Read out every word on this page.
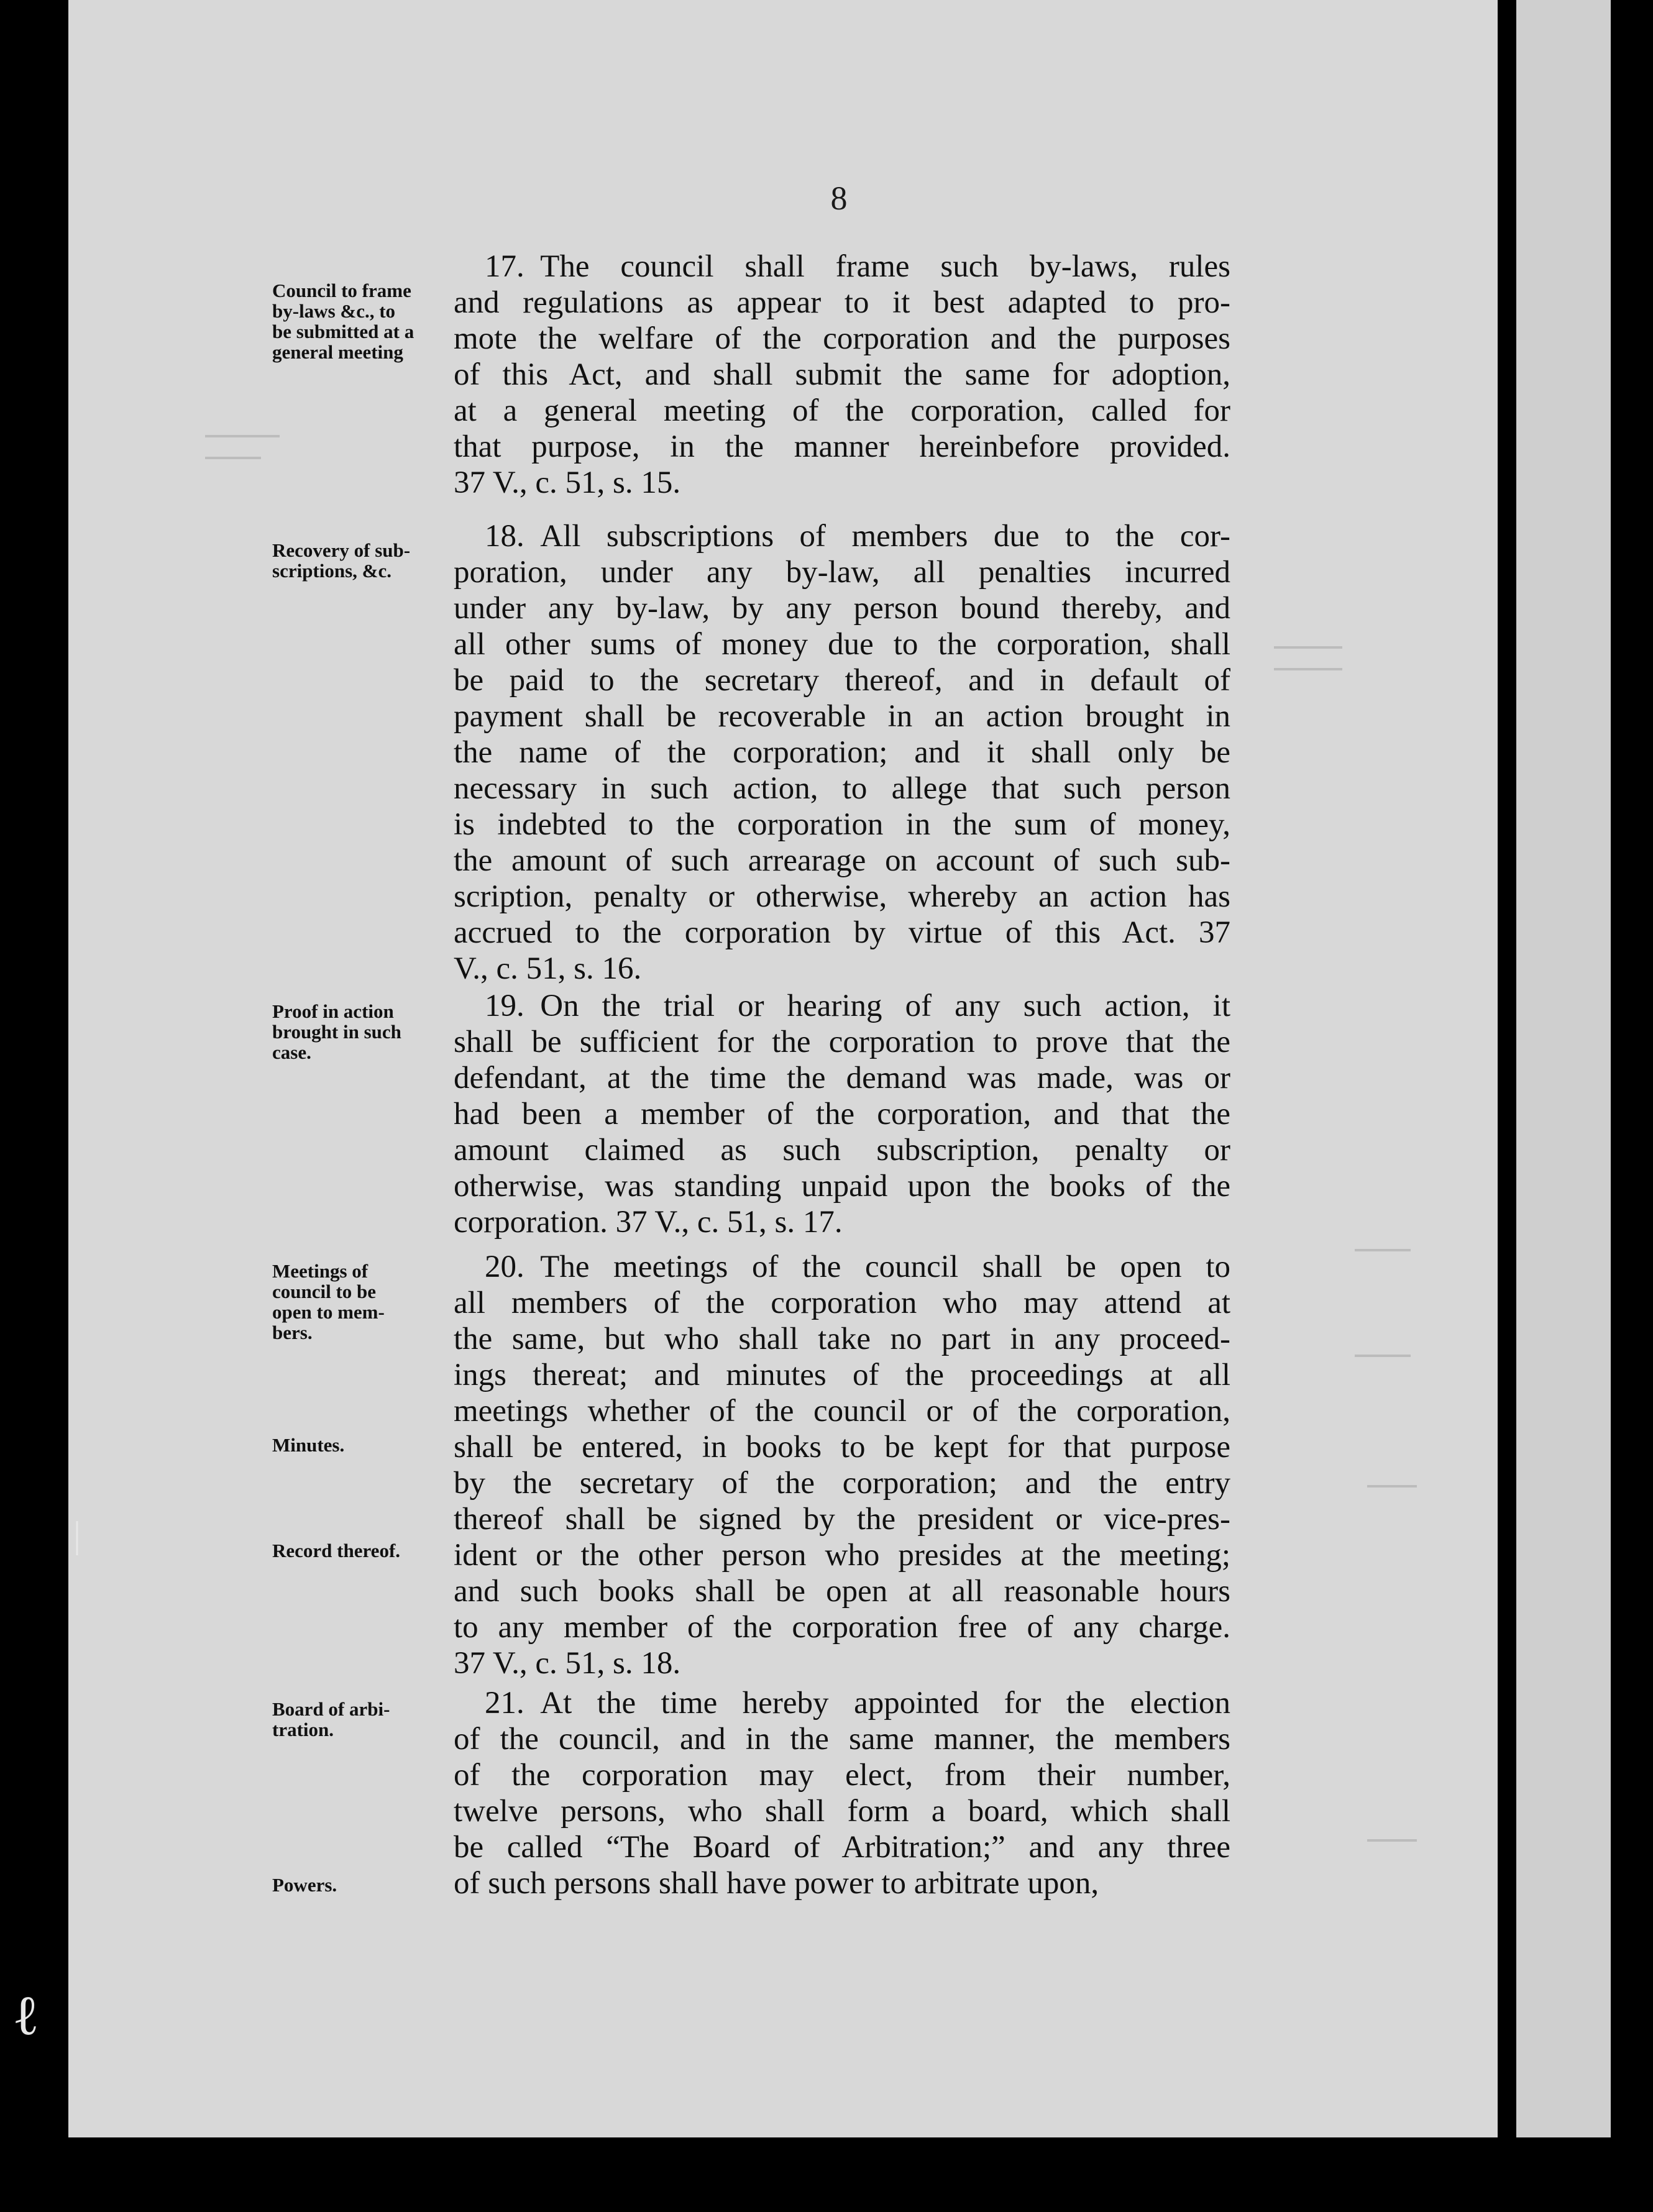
|
ℓ
8
17.  The council shall frame such by-laws, rules
and regulations as appear to it best adapted to pro-
mote the welfare of the corporation and the purposes
of this Act, and shall submit the same for adoption,
at a general meeting of the corporation, called for
that purpose, in the manner hereinbefore provided.
37 V., c. 51, s. 15.
18.  All subscriptions of members due to the cor-
poration, under any by-law, all penalties incurred
under any by-law, by any person bound thereby, and
all other sums of money due to the corporation, shall
be paid to the secretary thereof, and in default of
payment shall be recoverable in an action brought in
the name of the corporation; and it shall only be
necessary in such action, to allege that such person
is indebted to the corporation in the sum of money,
the amount of such arrearage on account of such sub-
scription, penalty or otherwise, whereby an action has
accrued to the corporation by virtue of this Act. 37
V., c. 51, s. 16.
19.  On the trial or hearing of any such action, it
shall be sufficient for the corporation to prove that the
defendant, at the time the demand was made, was or
had been a member of the corporation, and that the
amount claimed as such subscription, penalty or
otherwise, was standing unpaid upon the books of the
corporation. 37 V., c. 51, s. 17.
20.  The meetings of the council shall be open to
all members of the corporation who may attend at
the same, but who shall take no part in any proceed-
ings thereat; and minutes of the proceedings at all
meetings whether of the council or of the corporation,
shall be entered, in books to be kept for that purpose
by the secretary of the corporation; and the entry
thereof shall be signed by the president or vice-pres-
ident or the other person who presides at the meeting;
and such books shall be open at all reasonable hours
to any member of the corporation free of any charge.
37 V., c. 51, s. 18.
21.  At the time hereby appointed for the election
of the council, and in the same manner, the members
of the corporation may elect, from their number,
twelve persons, who shall form a board, which shall
be called “The Board of Arbitration;” and any three
of such persons shall have power to arbitrate upon,
Council to frame
by-laws &c., to
be submitted at a
general meeting
Recovery of sub-
scriptions, &c.
Proof in action
brought in such
case.
Meetings of
council to be
open to mem-
bers.
Minutes.
Record thereof.
Board of arbi-
tration.
Powers.
